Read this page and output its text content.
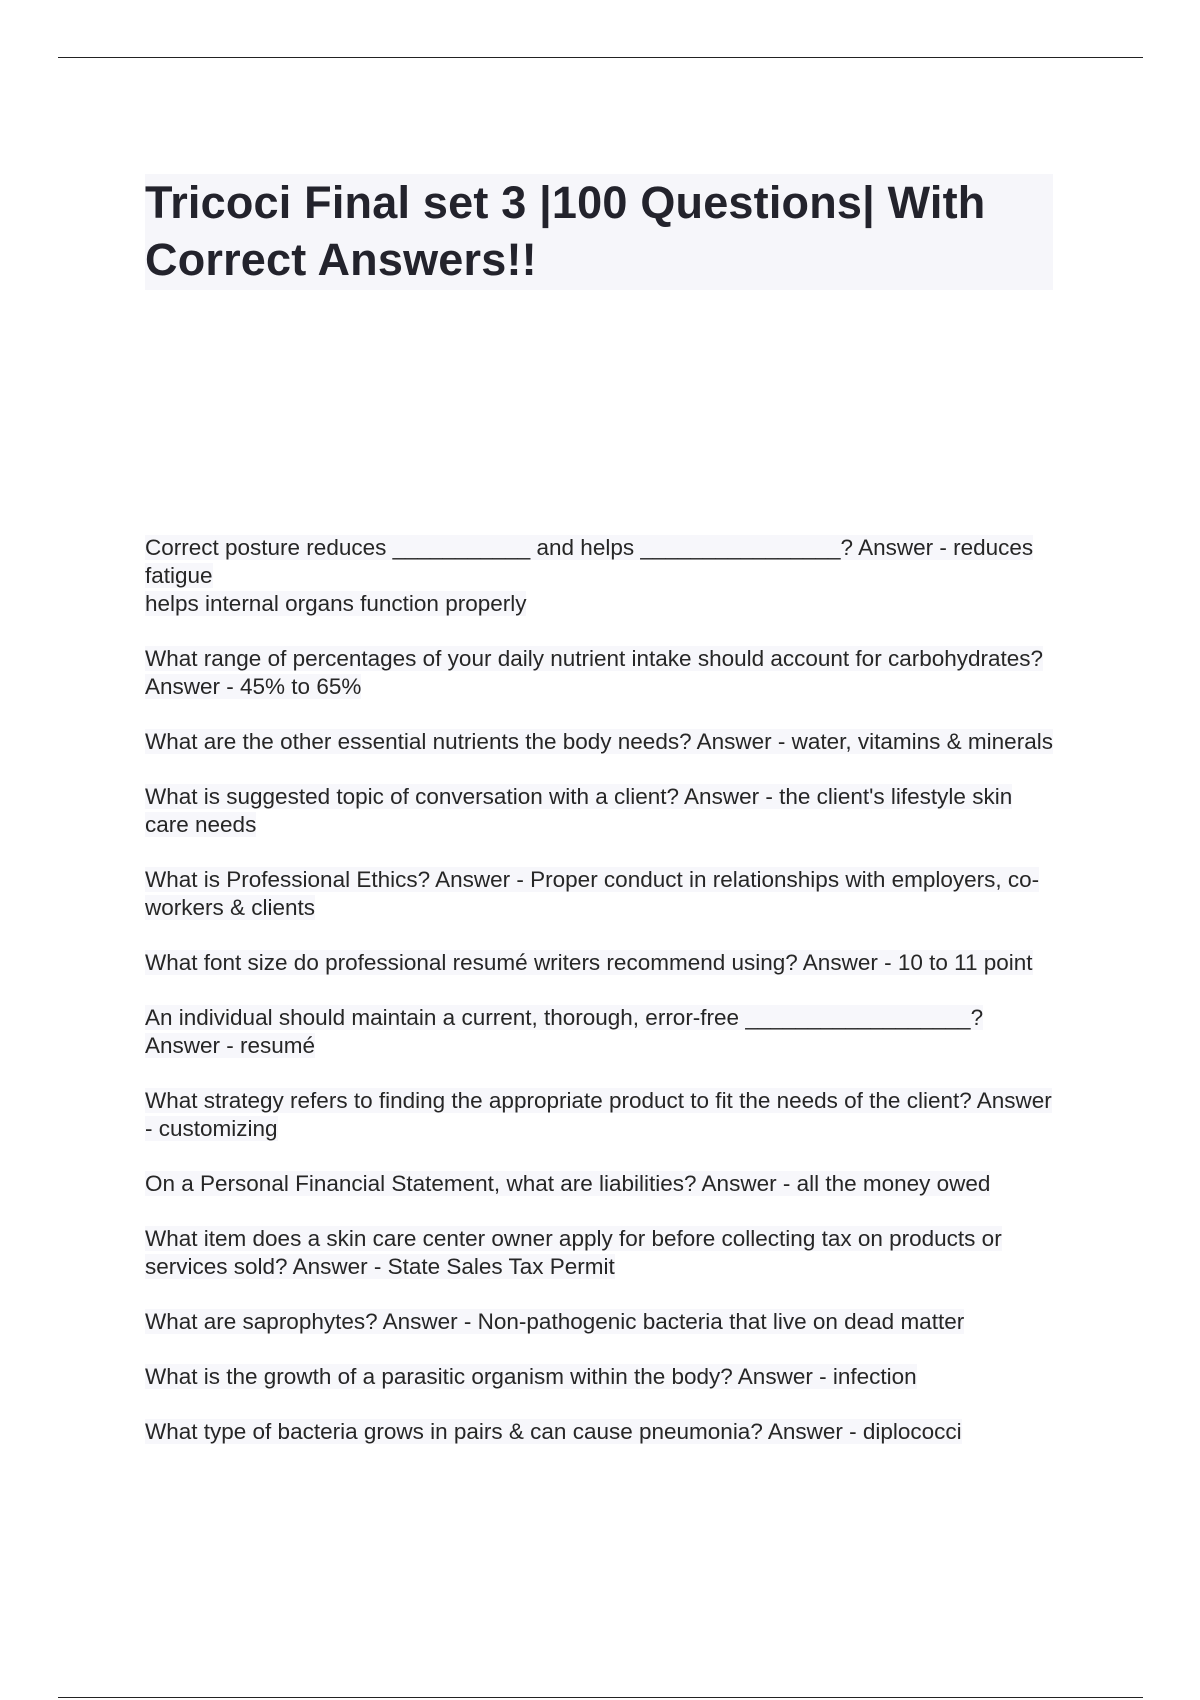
Tricoci Final set 3 |100 Questions| With Correct Answers!!
Correct posture reduces ___________ and helps ________________? Answer - reduces fatigue
helps internal organs function properly
What range of percentages of your daily nutrient intake should account for carbohydrates? Answer - 45% to 65%
What are the other essential nutrients the body needs? Answer - water, vitamins & minerals
What is suggested topic of conversation with a client? Answer - the client's lifestyle skin care needs
What is Professional Ethics? Answer - Proper conduct in relationships with employers, co-workers & clients
What font size do professional resumé writers recommend using? Answer - 10 to 11 point
An individual should maintain a current, thorough, error-free __________________? Answer - resumé
What strategy refers to finding the appropriate product to fit the needs of the client? Answer - customizing
On a Personal Financial Statement, what are liabilities? Answer - all the money owed
What item does a skin care center owner apply for before collecting tax on products or services sold? Answer - State Sales Tax Permit
What are saprophytes? Answer - Non-pathogenic bacteria that live on dead matter
What is the growth of a parasitic organism within the body? Answer - infection
What type of bacteria grows in pairs & can cause pneumonia? Answer - diplococci
